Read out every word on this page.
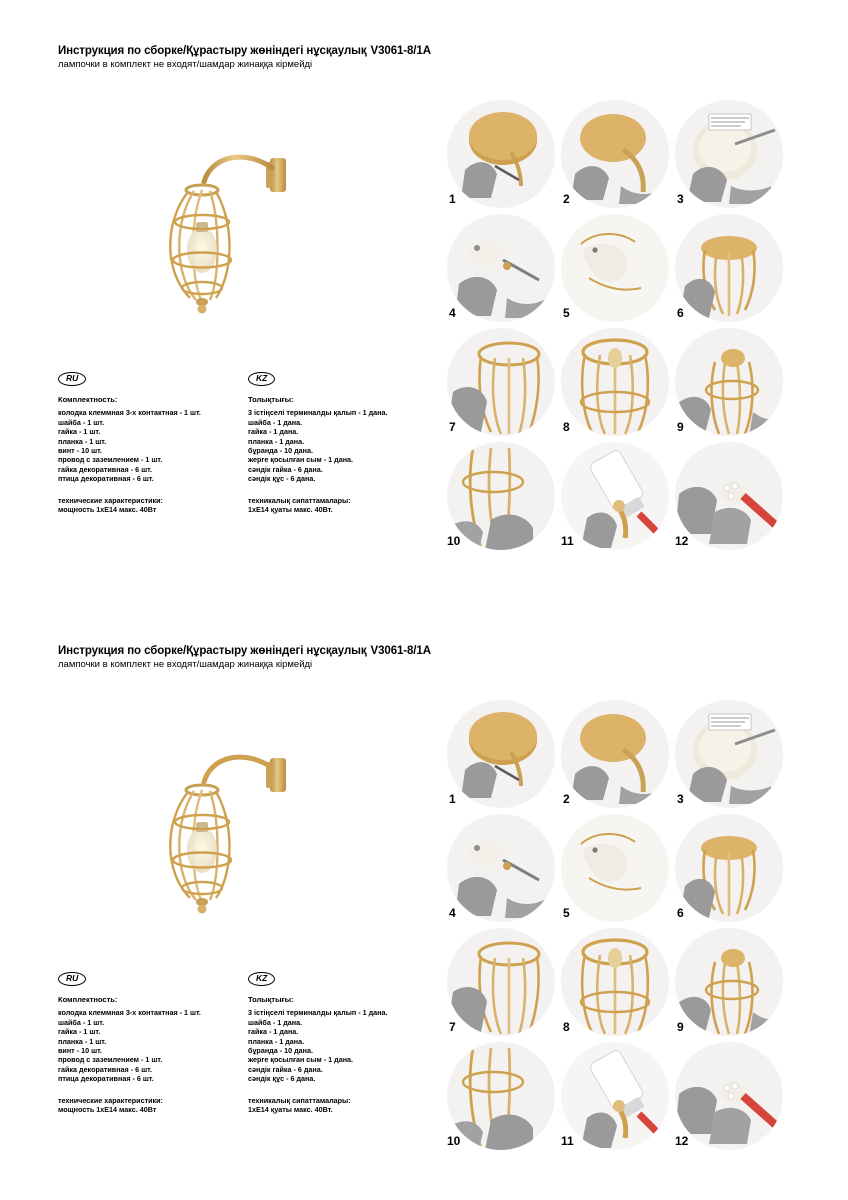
Инструкция по сборке/Құрастыру жөніндегі нұсқаулық V3061-8/1A
лампочки в комплект не входят/шамдар жинаққа кірмейді
RU
Комплектность:
колодка клеммная 3-х контактная - 1 шт.
шайба - 1 шт.
гайка - 1 шт.
планка - 1 шт.
винт - 10 шт.
провод с заземлением - 1 шт.
гайка декоративная - 6 шт.
птица декоративная - 6 шт.
технические характеристики:
мощность 1хЕ14 макс. 40Вт
KZ
Толықтығы:
3 істіңселі терминалды қалып - 1 дана.
шайба - 1 дана.
гайка - 1 дана.
планка - 1 дана.
бұранда - 10 дана.
жерге қосылған сым - 1 дана.
сәндік гайка - 6 дана.
сәндік құс - 6 дана.
техникалық сипаттамалары:
1хЕ14 қуаты макс. 40Вт.
1	2	3
4	5	6
7	8	9
10	11	12
Инструкция по сборке/Құрастыру жөніндегі нұсқаулық V3061-8/1A
лампочки в комплект не входят/шамдар жинаққа кірмейді
RU
Комплектность:
колодка клеммная 3-х контактная - 1 шт.
шайба - 1 шт.
гайка - 1 шт.
планка - 1 шт.
винт - 10 шт.
провод с заземлением - 1 шт.
гайка декоративная - 6 шт.
птица декоративная - 6 шт.
технические характеристики:
мощность 1хЕ14 макс. 40Вт
KZ
Толықтығы:
3 істіңселі терминалды қалып - 1 дана.
шайба - 1 дана.
гайка - 1 дана.
планка - 1 дана.
бұранда - 10 дана.
жерге қосылған сым - 1 дана.
сәндік гайка - 6 дана.
сәндік құс - 6 дана.
техникалық сипаттамалары:
1хЕ14 қуаты макс. 40Вт.
1	2	3
4	5	6
7	8	9
10	11	12
